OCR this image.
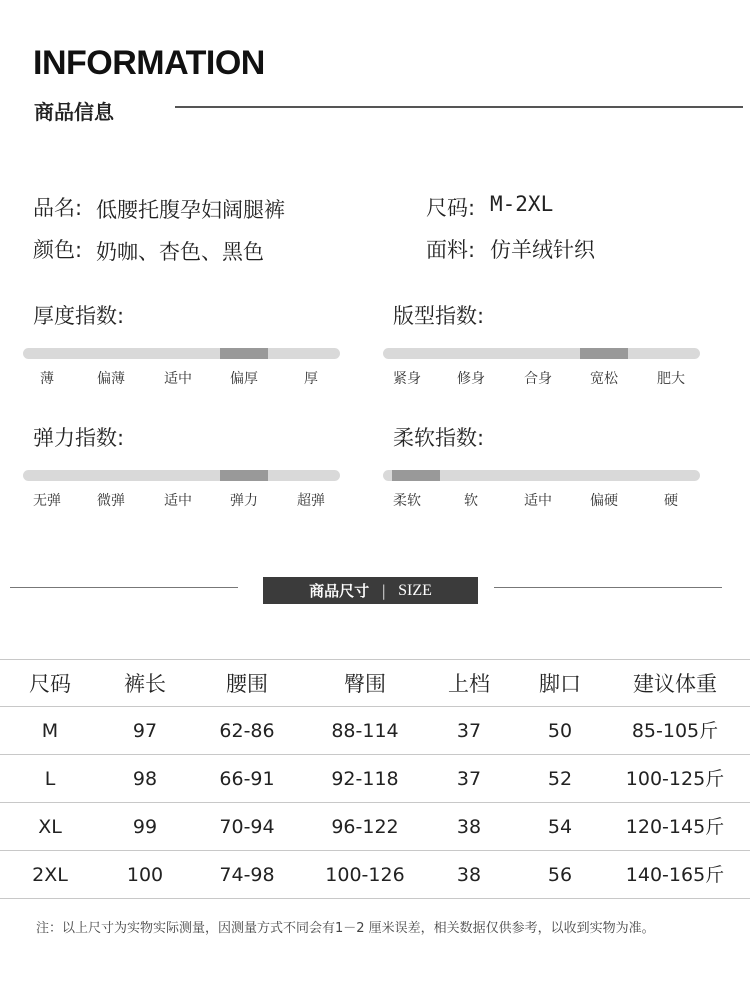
INFORMATION
商品信息
品名: 低腰托腹孕妇阔腿裤	尺码: M-2XL
颜色: 奶咖、杏色、黑色	面料: 仿羊绒针织
厚度指数:
薄	偏薄	适中	偏厚	厚
版型指数:
紧身	修身	合身	宽松	肥大
弹力指数:
无弹	微弹	适中	弹力	超弹
柔软指数:
柔软	软	适中	偏硬	硬
商品尺寸 | SIZE
尺码	裤长	腰围	臀围	上档	脚口	建议体重
M	97	62-86	88-114	37	50	85-105斤
L	98	66-91	92-118	37	52	100-125斤
XL	99	70-94	96-122	38	54	120-145斤
2XL	100	74-98	100-126	38	56	140-165斤
注：以上尺寸为实物实际测量，因测量方式不同会有1－2 厘米误差，相关数据仅供参考，以收到实物为准。
